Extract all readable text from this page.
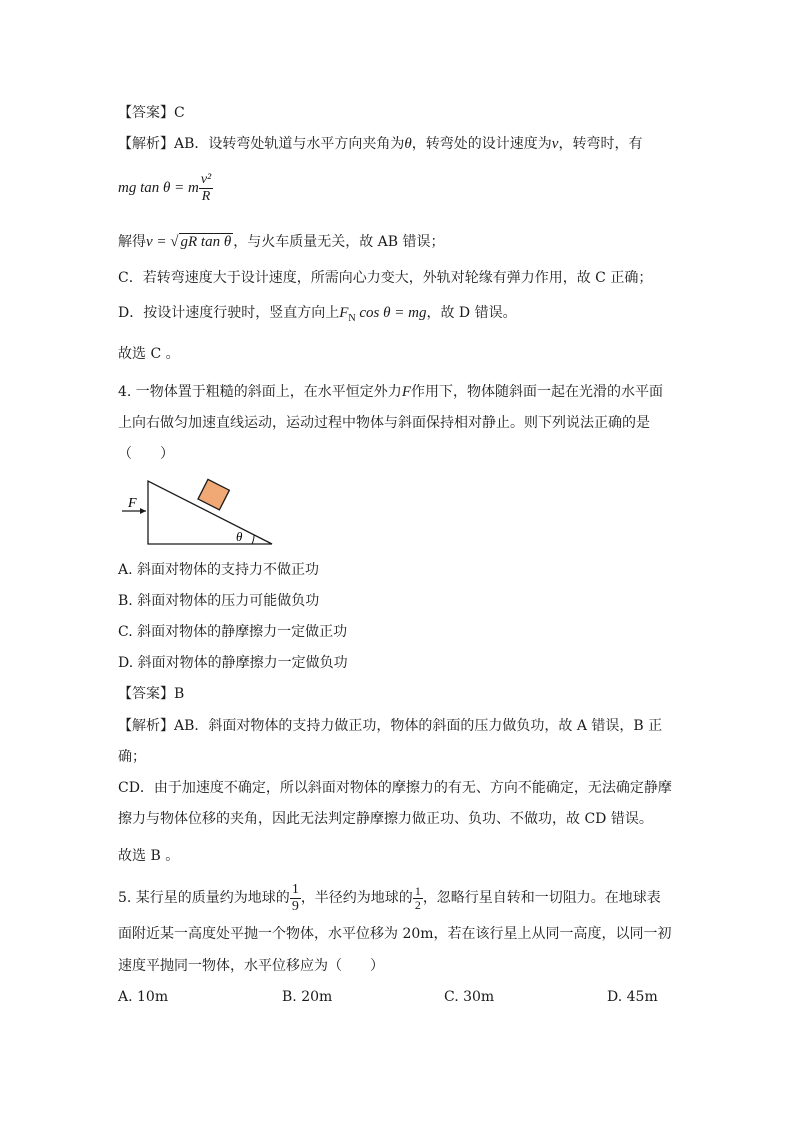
【答案】C
【解析】AB．设转弯处轨道与水平方向夹角为θ，转弯处的设计速度为v，转弯时，有
mg tan θ = m $\frac{\text{v²}}{R}$
解得v = √ gR tan θ ，与火车质量无关，故 AB 错误；
C．若转弯速度大于设计速度，所需向心力变大，外轨对轮缘有弹力作用，故 C 正确；
D．按设计速度行驶时，竖直方向上$F_N$ cos θ = mg，故 D 错误。
故选 C 。
4. 一物体置于粗糙的斜面上，在水平恒定外力F作用下，物体随斜面一起在光滑的水平面
上向右做匀加速直线运动，运动过程中物体与斜面保持相对静止。则下列说法正确的是
（　　）
F
θ
A. 斜面对物体的支持力不做正功
B. 斜面对物体的压力可能做负功
C. 斜面对物体的静摩擦力一定做正功
D. 斜面对物体的静摩擦力一定做负功
【答案】B
【解析】AB．斜面对物体的支持力做正功，物体的斜面的压力做负功，故 A 错误，B 正
确；
CD．由于加速度不确定，所以斜面对物体的摩擦力的有无、方向不能确定，无法确定静摩
擦力与物体位移的夹角，因此无法判定静摩擦力做正功、负功、不做功，故 CD 错误。
故选 B 。
5. 某行星的质量约为地球的 $\frac{1}{9}$ ，半径约为地球的 $\frac{1}{2}$ ，忽略行星自转和一切阻力。在地球表
面附近某一高度处平抛一个物体，水平位移为 20m，若在该行星上从同一高度，以同一初
速度平抛同一物体，水平位移应为（　　）
A. 10m	B. 20m	C. 30m	D. 45m
